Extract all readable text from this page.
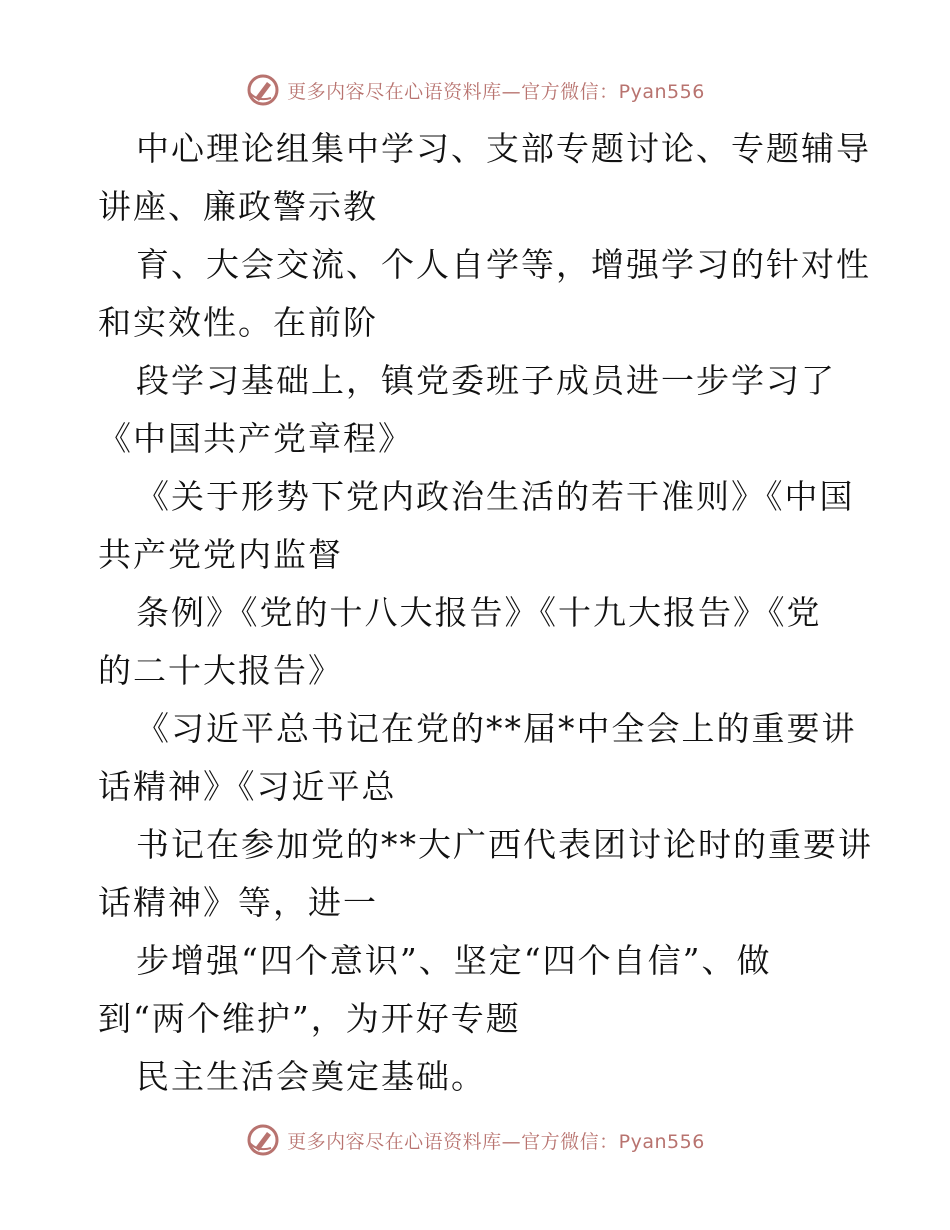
更多内容尽在心语资料库—官方微信：Pyan556
中心理论组集中学习、支部专题讨论、专题辅导
讲座、廉政警示教
育、大会交流、个人自学等，增强学习的针对性
和实效性。在前阶
段学习基础上，镇党委班子成员进一步学习了
《中国共产党章程》
《关于形势下党内政治生活的若干准则》《中国
共产党党内监督
条例》《党的十八大报告》《十九大报告》《党
的二十大报告》
《习近平总书记在党的**届*中全会上的重要讲
话精神》《习近平总
书记在参加党的**大广西代表团讨论时的重要讲
话精神》等，进一
步增强“四个意识”、坚定“四个自信”、做
到“两个维护”，为开好专题
民主生活会奠定基础。
更多内容尽在心语资料库—官方微信：Pyan556
